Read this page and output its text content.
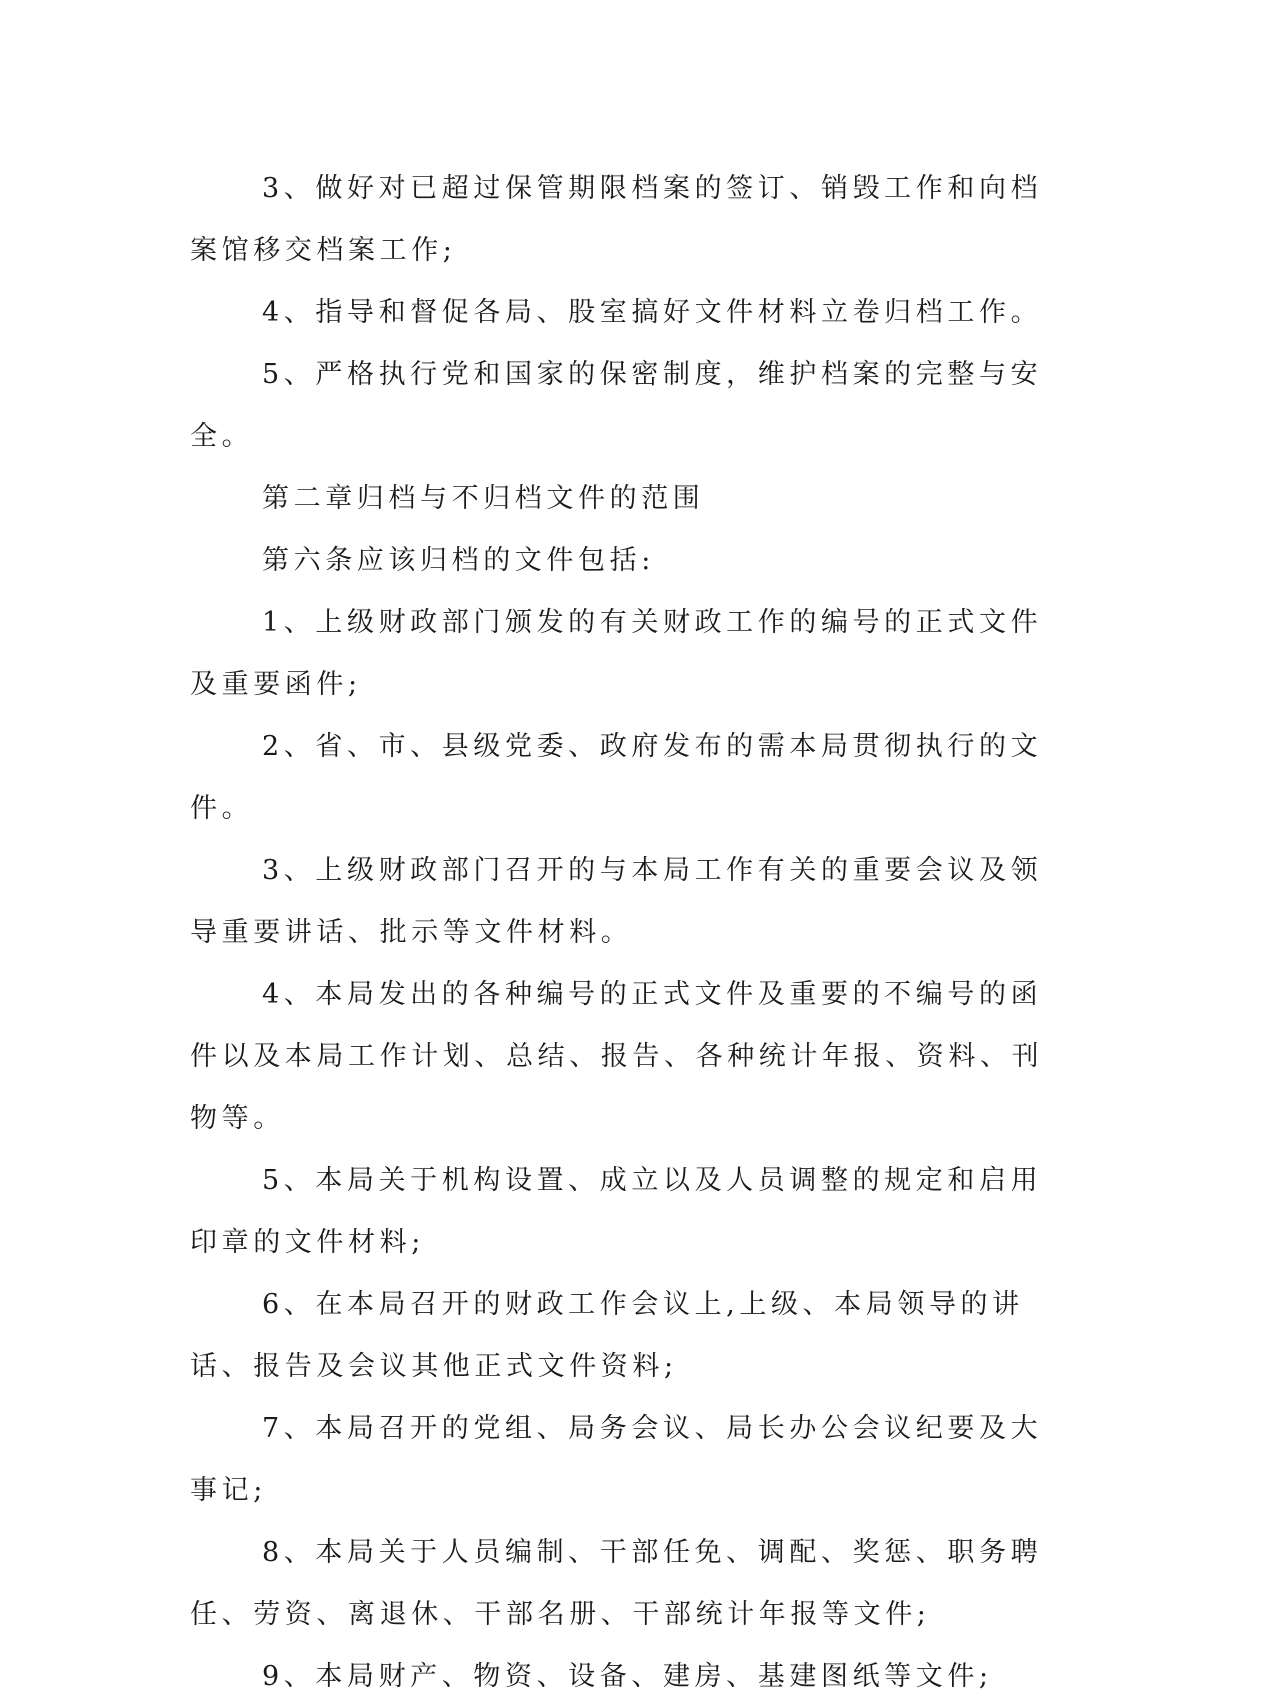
3、做好对已超过保管期限档案的签订、销毁工作和向档案馆移交档案工作;

4、指导和督促各局、股室搞好文件材料立卷归档工作。

5、严格执行党和国家的保密制度，维护档案的完整与安全。

第二章归档与不归档文件的范围

第六条应该归档的文件包括:

1、上级财政部门颁发的有关财政工作的编号的正式文件及重要函件;

2、省、市、县级党委、政府发布的需本局贯彻执行的文件。

3、上级财政部门召开的与本局工作有关的重要会议及领导重要讲话、批示等文件材料。

4、本局发出的各种编号的正式文件及重要的不编号的函件以及本局工作计划、总结、报告、各种统计年报、资料、刊物等。

5、本局关于机构设置、成立以及人员调整的规定和启用印章的文件材料;

6、在本局召开的财政工作会议上,上级、本局领导的讲话、报告及会议其他正式文件资料;

7、本局召开的党组、局务会议、局长办公会议纪要及大事记;

8、本局关于人员编制、干部任免、调配、奖惩、职务聘任、劳资、离退休、干部名册、干部统计年报等文件;

9、本局财产、物资、设备、建房、基建图纸等文件;
